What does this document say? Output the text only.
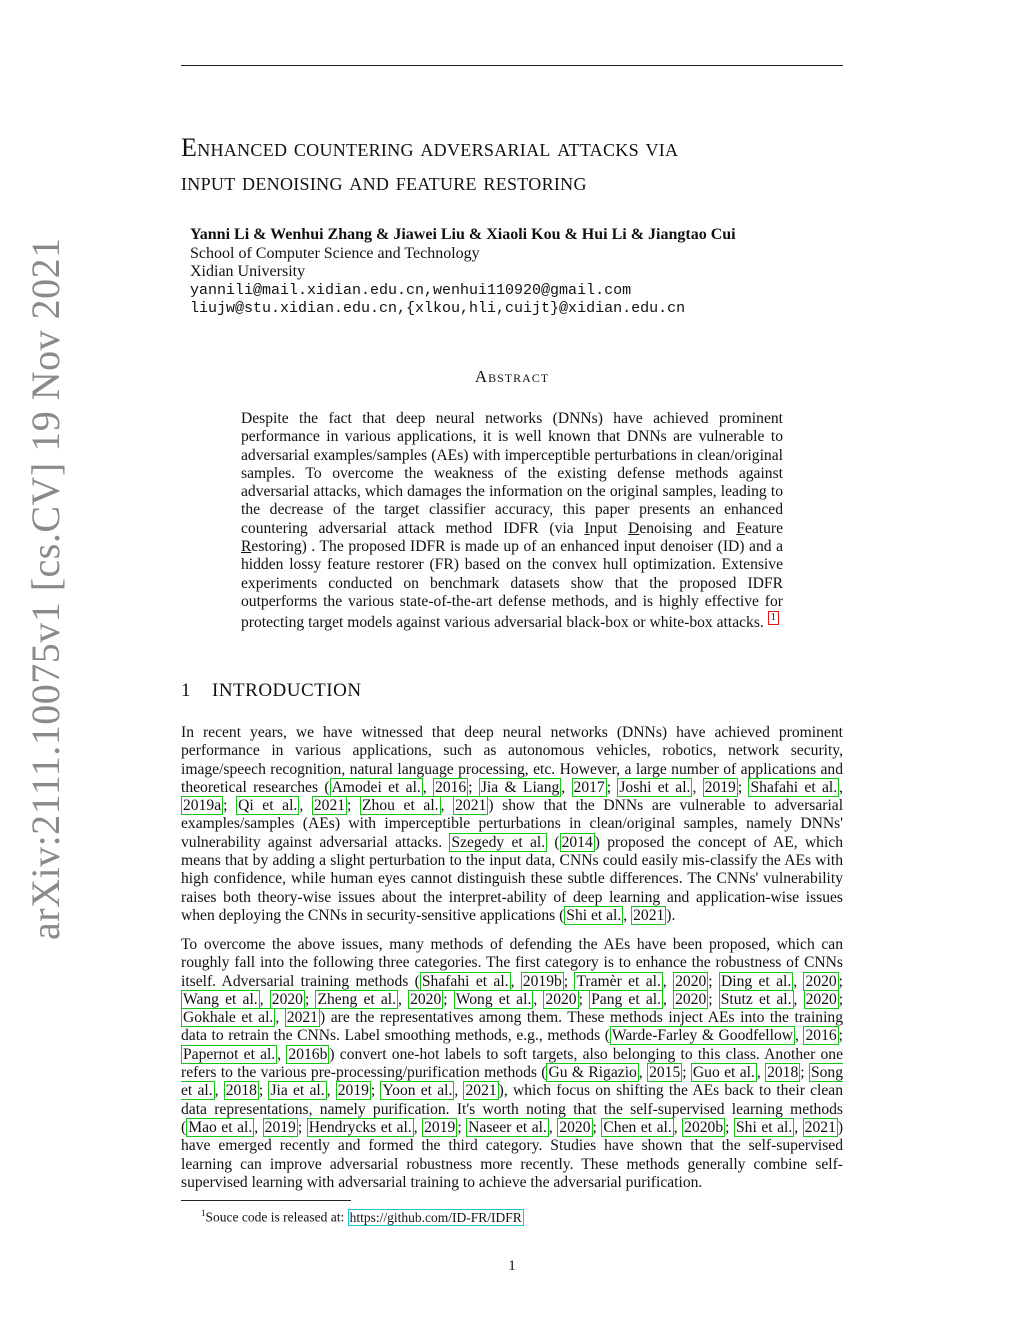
arXiv:2111.10075v1 [cs.CV] 19 Nov 2021
Enhanced countering adversarial attacks via
input denoising and feature restoring
Yanni Li & Wenhui Zhang & Jiawei Liu & Xiaoli Kou & Hui Li & Jiangtao Cui
School of Computer Science and Technology
Xidian University
yannili@mail.xidian.edu.cn,wenhui110920@gmail.com
liujw@stu.xidian.edu.cn,{xlkou,hli,cuijt}@xidian.edu.cn
Abstract
Despite the fact that deep neural networks (DNNs) have achieved prominent performance in various applications, it is well known that DNNs are vulnerable to adversarial examples/samples (AEs) with imperceptible perturbations in clean/original samples. To overcome the weakness of the existing defense methods against adversarial attacks, which damages the information on the original samples, leading to the decrease of the target classifier accuracy, this paper presents an enhanced countering adversarial attack method IDFR (via Input Denoising and Feature Restoring) . The proposed IDFR is made up of an enhanced input denoiser (ID) and a hidden lossy feature restorer (FR) based on the convex hull optimization. Extensive experiments conducted on benchmark datasets show that the proposed IDFR outperforms the various state-of-the-art defense methods, and is highly effective for protecting target models against various adversarial black-box or white-box attacks. 1
1 INTRODUCTION
In recent years, we have witnessed that deep neural networks (DNNs) have achieved prominent performance in various applications, such as autonomous vehicles, robotics, network security, image/speech recognition, natural language processing, etc. However, a large number of applications and theoretical researches ( Amodei et al. , 2016 ; Jia & Liang , 2017 ; Joshi et al. , 2019 ; Shafahi et al. , 2019a ; Qi et al. , 2021 ; Zhou et al. , 2021 ) show that the DNNs are vulnerable to adversarial examples/samples (AEs) with imperceptible perturbations in clean/original samples, namely DNNs' vulnerability against adversarial attacks. Szegedy et al. ( 2014 ) proposed the concept of AE, which means that by adding a slight perturbation to the input data, CNNs could easily mis-classify the AEs with high confidence, while human eyes cannot distinguish these subtle differences. The CNNs' vulnerability raises both theory-wise issues about the interpret-ability of deep learning and application-wise issues when deploying the CNNs in security-sensitive applications ( Shi et al. , 2021 ).
To overcome the above issues, many methods of defending the AEs have been proposed, which can roughly fall into the following three categories. The first category is to enhance the robustness of CNNs itself. Adversarial training methods ( Shafahi et al. , 2019b ; Tramèr et al. , 2020 ; Ding et al. , 2020 ; Wang et al. , 2020 ; Zheng et al. , 2020 ; Wong et al. , 2020 ; Pang et al. , 2020 ; Stutz et al. , 2020 ; Gokhale et al. , 2021 ) are the representatives among them. These methods inject AEs into the training data to retrain the CNNs. Label smoothing methods, e.g., methods ( Warde-Farley & Goodfellow , 2016 ; Papernot et al. , 2016b ) convert one-hot labels to soft targets, also belonging to this class. Another one refers to the various pre-processing/purification methods ( Gu & Rigazio , 2015 ; Guo et al. , 2018 ; Song et al. , 2018 ; Jia et al. , 2019 ; Yoon et al. , 2021 ), which focus on shifting the AEs back to their clean data representations, namely purification. It's worth noting that the self-supervised learning methods ( Mao et al. , 2019 ; Hendrycks et al. , 2019 ; Naseer et al. , 2020 ; Chen et al. , 2020b ; Shi et al. , 2021 ) have emerged recently and formed the third category. Studies have shown that the self-supervised learning can improve adversarial robustness more recently. These methods generally combine self-supervised learning with adversarial training to achieve the adversarial purification.
$^1$Souce code is released at: https://github.com/ID-FR/IDFR
1
